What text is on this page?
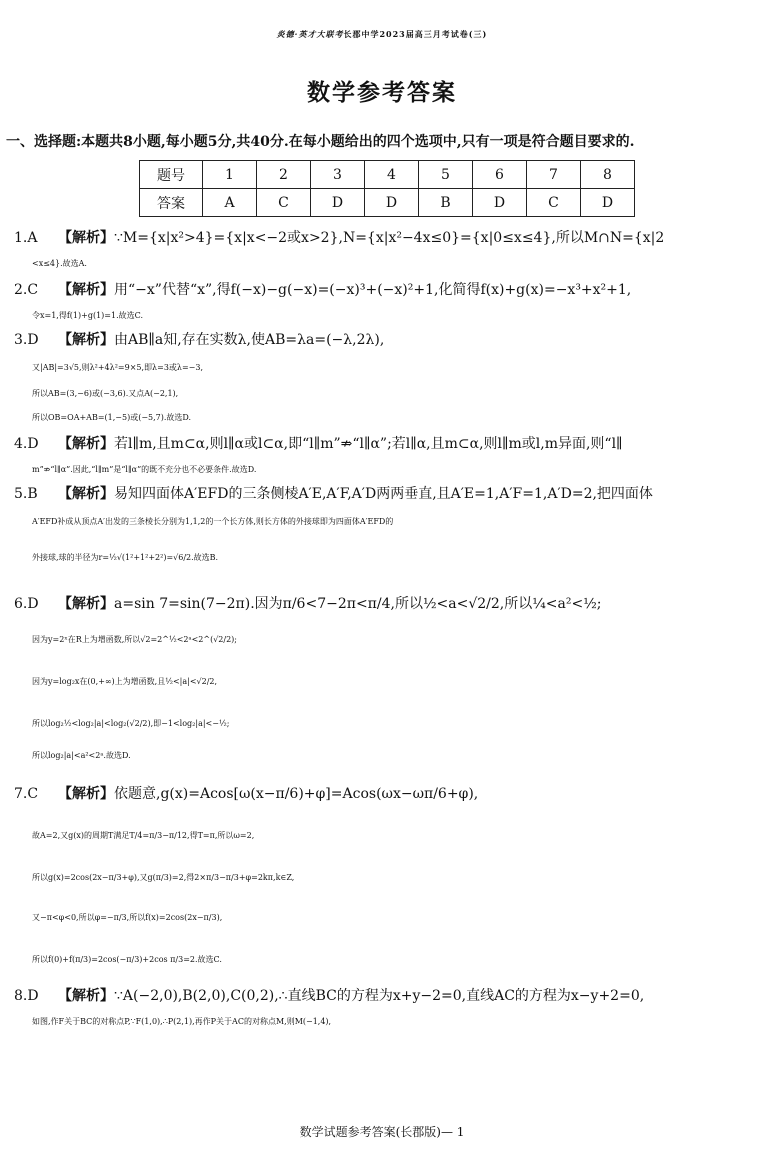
炎德·英才大联考长郡中学2023届高三月考试卷(三)
数学参考答案
一、选择题:本题共8小题,每小题5分,共40分.在每小题给出的四个选项中,只有一项是符合题目要求的.
题号	1	2	3	4	5	6	7	8
答案	A	C	D	D	B	D	C	D
1.A 【解析】∵M={x|x²>4}={x|x<−2或x>2},N={x|x²−4x≤0}={x|0≤x≤4},所以M∩N={x|2
<x≤4}.故选A.
2.C 【解析】用“−x”代替“x”,得f(−x)−g(−x)=(−x)³+(−x)²+1,化简得f(x)+g(x)=−x³+x²+1,
令x=1,得f(1)+g(1)=1.故选C.
3.D 【解析】由AB∥a知,存在实数λ,使AB=λa=(−λ,2λ),
又|AB|=3√5,则λ²+4λ²=9×5,即λ=3或λ=−3,
所以AB=(3,−6)或(−3,6).又点A(−2,1),
所以OB=OA+AB=(1,−5)或(−5,7).故选D.
4.D 【解析】若l∥m,且m⊂α,则l∥α或l⊂α,即“l∥m”⇏“l∥α”;若l∥α,且m⊂α,则l∥m或l,m异面,则“l∥
m”⇏“l∥α”.因此,“l∥m”是“l∥α”的既不充分也不必要条件.故选D.
5.B 【解析】易知四面体A′EFD的三条侧棱A′E,A′F,A′D两两垂直,且A′E=1,A′F=1,A′D=2,把四面体
A′EFD补成从顶点A′出发的三条棱长分别为1,1,2的一个长方体,则长方体的外接球即为四面体A′EFD的
外接球,球的半径为r=½√(1²+1²+2²)=√6/2.故选B.
6.D 【解析】a=sin 7=sin(7−2π).因为π/6<7−2π<π/4,所以½<a<√2/2,所以¼<a²<½;
因为y=2ˣ在R上为增函数,所以√2=2^½<2ᵃ<2^(√2/2);
因为y=log₂x在(0,+∞)上为增函数,且½<|a|<√2/2,
所以log₂½<log₂|a|<log₂(√2/2),即−1<log₂|a|<−½;
所以log₂|a|<a²<2ᵃ.故选D.
7.C 【解析】依题意,g(x)=Acos[ω(x−π/6)+φ]=Acos(ωx−ωπ/6+φ),
故A=2,又g(x)的周期T满足T/4=π/3−π/12,得T=π,所以ω=2,
所以g(x)=2cos(2x−π/3+φ),又g(π/3)=2,得2×π/3−π/3+φ=2kπ,k∈Z,
又−π<φ<0,所以φ=−π/3,所以f(x)=2cos(2x−π/3),
所以f(0)+f(π/3)=2cos(−π/3)+2cos π/3=2.故选C.
8.D 【解析】∵A(−2,0),B(2,0),C(0,2),∴直线BC的方程为x+y−2=0,直线AC的方程为x−y+2=0,
如图,作F关于BC的对称点P,∵F(1,0),∴P(2,1),再作P关于AC的对称点M,则M(−1,4),
数学试题参考答案(长郡版)— 1
